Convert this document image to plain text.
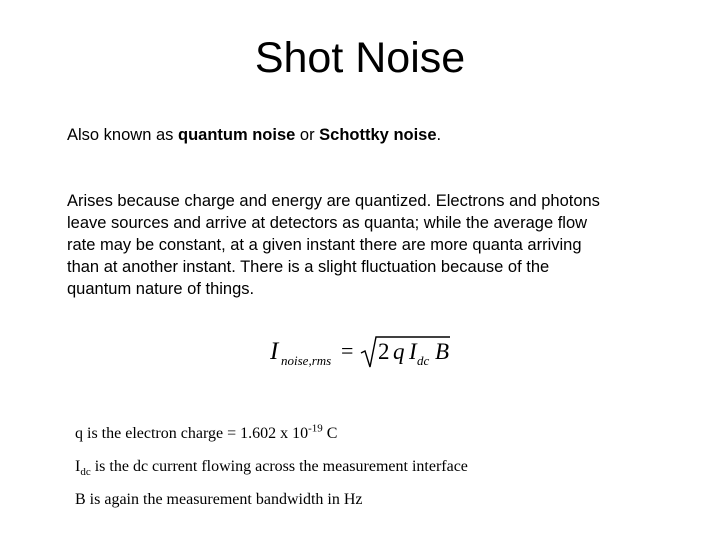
Shot Noise
Also known as quantum noise or Schottky noise.
Arises because charge and energy are quantized. Electrons and photons
leave sources and arrive at detectors as quanta; while the average flow
rate may be constant, at a given instant there are more quanta arriving
than at another instant. There is a slight fluctuation because of the
quantum nature of things.
I noise,rms = 2 q I dc B
q is the electron charge = 1.602 x $10^{-19}$ C
$I_{dc}$ is the dc current flowing across the measurement interface
B is again the measurement bandwidth in Hz
